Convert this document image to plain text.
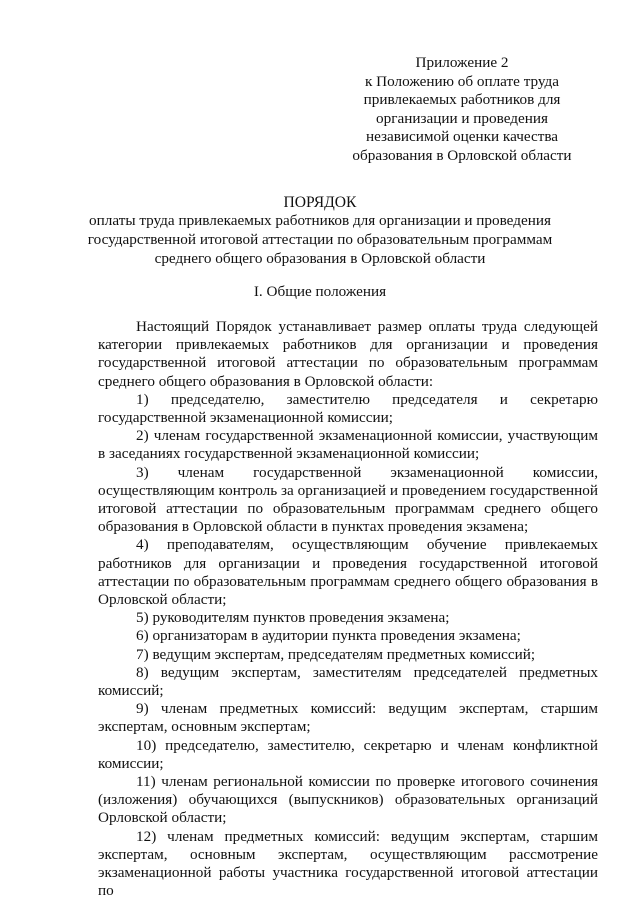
Приложение 2
к Положению об оплате труда
привлекаемых работников для
организации и проведения
независимой оценки качества
образования в Орловской области
ПОРЯДОК
оплаты труда привлекаемых работников для организации и проведения
государственной итоговой аттестации по образовательным программам
среднего общего образования в Орловской области
I. Общие положения

Настоящий Порядок устанавливает размер оплаты труда следующей категории привлекаемых работников для организации и проведения государственной итоговой аттестации по образовательным программам среднего общего образования в Орловской области:

1) председателю, заместителю председателя и секретарю государственной экзаменационной комиссии;

2) членам государственной экзаменационной комиссии, участвующим в заседаниях государственной экзаменационной комиссии;

3) членам государственной экзаменационной комиссии, осуществляющим контроль за организацией и проведением государственной итоговой аттестации по образовательным программам среднего общего образования в Орловской области в пунктах проведения экзамена;

4) преподавателям, осуществляющим обучение привлекаемых работников для организации и проведения государственной итоговой аттестации по образовательным программам среднего общего образования в Орловской области;

5) руководителям пунктов проведения экзамена;

6) организаторам в аудитории пункта проведения экзамена;

7) ведущим экспертам, председателям предметных комиссий;

8) ведущим экспертам, заместителям председателей предметных комиссий;

9) членам предметных комиссий: ведущим экспертам, старшим экспертам, основным экспертам;

10) председателю, заместителю, секретарю и членам конфликтной комиссии;

11) членам региональной комиссии по проверке итогового сочинения (изложения) обучающихся (выпускников) образовательных организаций Орловской области;

12) членам предметных комиссий: ведущим экспертам, старшим экспертам, основным экспертам, осуществляющим рассмотрение экзаменационной работы участника государственной итоговой аттестации по
